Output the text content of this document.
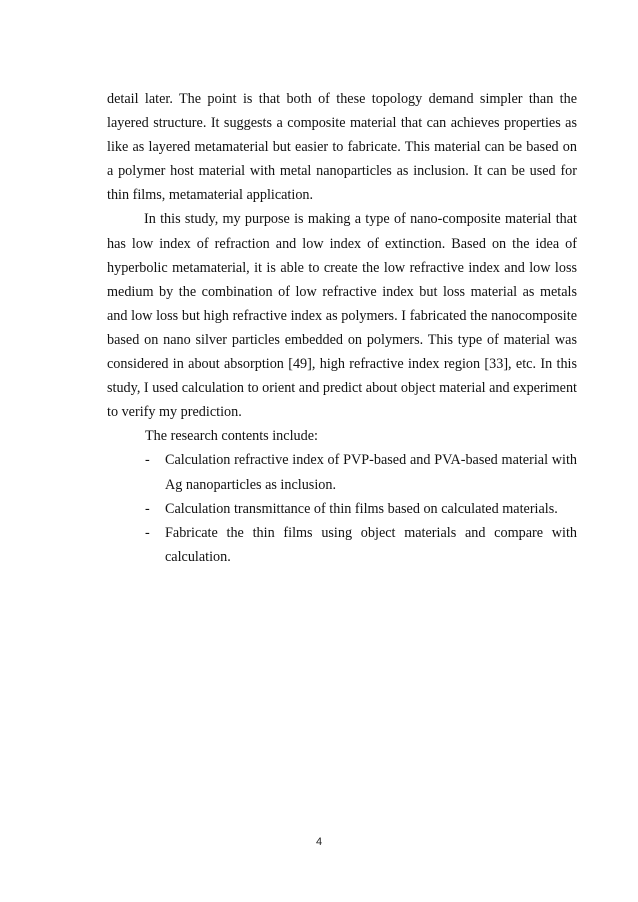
detail later. The point is that both of these topology demand simpler than the layered structure. It suggests a composite material that can achieves properties as like as layered metamaterial but easier to fabricate. This material can be based on a polymer host material with metal nanoparticles as inclusion. It can be used for thin films, metamaterial application.

In this study, my purpose is making a type of nano-composite material that has low index of refraction and low index of extinction. Based on the idea of hyperbolic metamaterial, it is able to create the low refractive index and low loss medium by the combination of low refractive index but loss material as metals and low loss but high refractive index as polymers. I fabricated the nanocomposite based on nano silver particles embedded on polymers. This type of material was considered in about absorption [49], high refractive index region [33], etc. In this study, I used calculation to orient and predict about object material and experiment to verify my prediction.

The research contents include:

- Calculation refractive index of PVP-based and PVA-based material with Ag nanoparticles as inclusion.
- Calculation transmittance of thin films based on calculated materials.
- Fabricate the thin films using object materials and compare with calculation.
4
